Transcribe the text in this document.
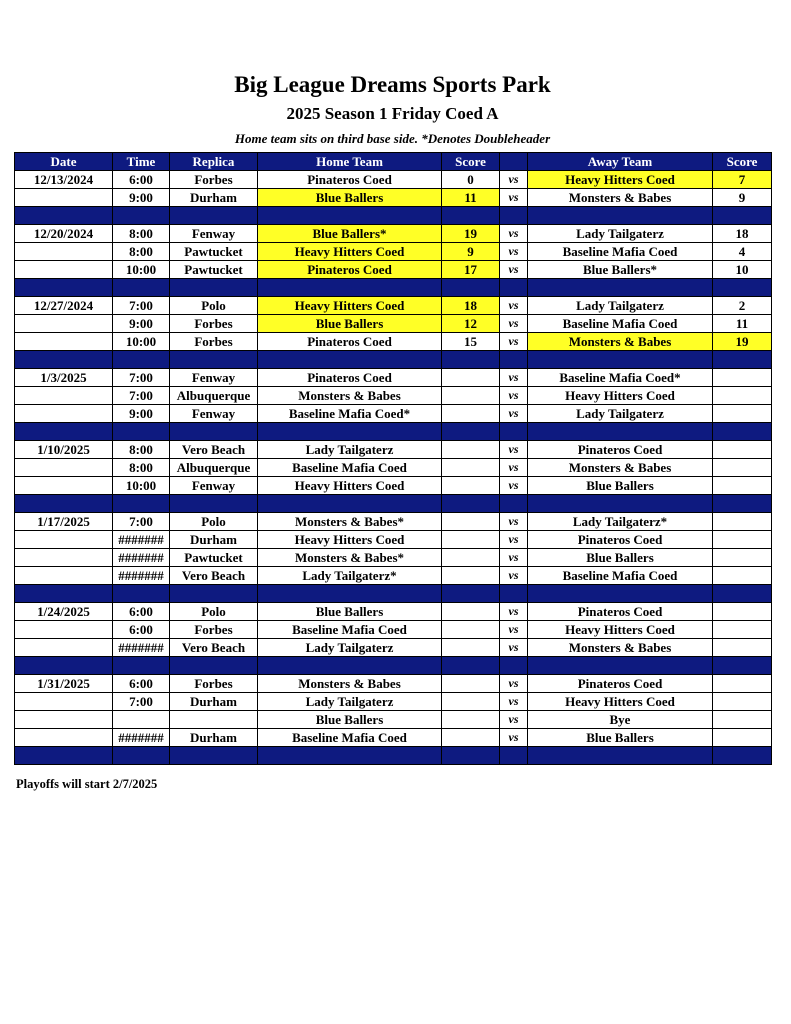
Big League Dreams Sports Park
2025 Season 1 Friday Coed A
Home team sits on third base side. *Denotes Doubleheader
Date	Time	Replica	Home Team	Score		Away Team	Score
12/13/2024	6:00	Forbes	Pinateros Coed	0	vs	Heavy Hitters Coed	7
	9:00	Durham	Blue Ballers	11	vs	Monsters & Babes	9

12/20/2024	8:00	Fenway	Blue Ballers*	19	vs	Lady Tailgaterz	18
	8:00	Pawtucket	Heavy Hitters Coed	9	vs	Baseline Mafia Coed	4
	10:00	Pawtucket	Pinateros Coed	17	vs	Blue Ballers*	10

12/27/2024	7:00	Polo	Heavy Hitters Coed	18	vs	Lady Tailgaterz	2
	9:00	Forbes	Blue Ballers	12	vs	Baseline Mafia Coed	11
	10:00	Forbes	Pinateros Coed	15	vs	Monsters & Babes	19

1/3/2025	7:00	Fenway	Pinateros Coed		vs	Baseline Mafia Coed*	
	7:00	Albuquerque	Monsters & Babes		vs	Heavy Hitters Coed	
	9:00	Fenway	Baseline Mafia Coed*		vs	Lady Tailgaterz	

1/10/2025	8:00	Vero Beach	Lady Tailgaterz		vs	Pinateros Coed	
	8:00	Albuquerque	Baseline Mafia Coed		vs	Monsters & Babes	
	10:00	Fenway	Heavy Hitters Coed		vs	Blue Ballers	

1/17/2025	7:00	Polo	Monsters & Babes*		vs	Lady Tailgaterz*	
	#######	Durham	Heavy Hitters Coed		vs	Pinateros Coed	
	#######	Pawtucket	Monsters & Babes*		vs	Blue Ballers	
	#######	Vero Beach	Lady Tailgaterz*		vs	Baseline Mafia Coed	

1/24/2025	6:00	Polo	Blue Ballers		vs	Pinateros Coed	
	6:00	Forbes	Baseline Mafia Coed		vs	Heavy Hitters Coed	
	#######	Vero Beach	Lady Tailgaterz		vs	Monsters & Babes	

1/31/2025	6:00	Forbes	Monsters & Babes		vs	Pinateros Coed	
	7:00	Durham	Lady Tailgaterz		vs	Heavy Hitters Coed	
			Blue Ballers		vs	Bye	
	#######	Durham	Baseline Mafia Coed		vs	Blue Ballers	

Playoffs will start 2/7/2025
